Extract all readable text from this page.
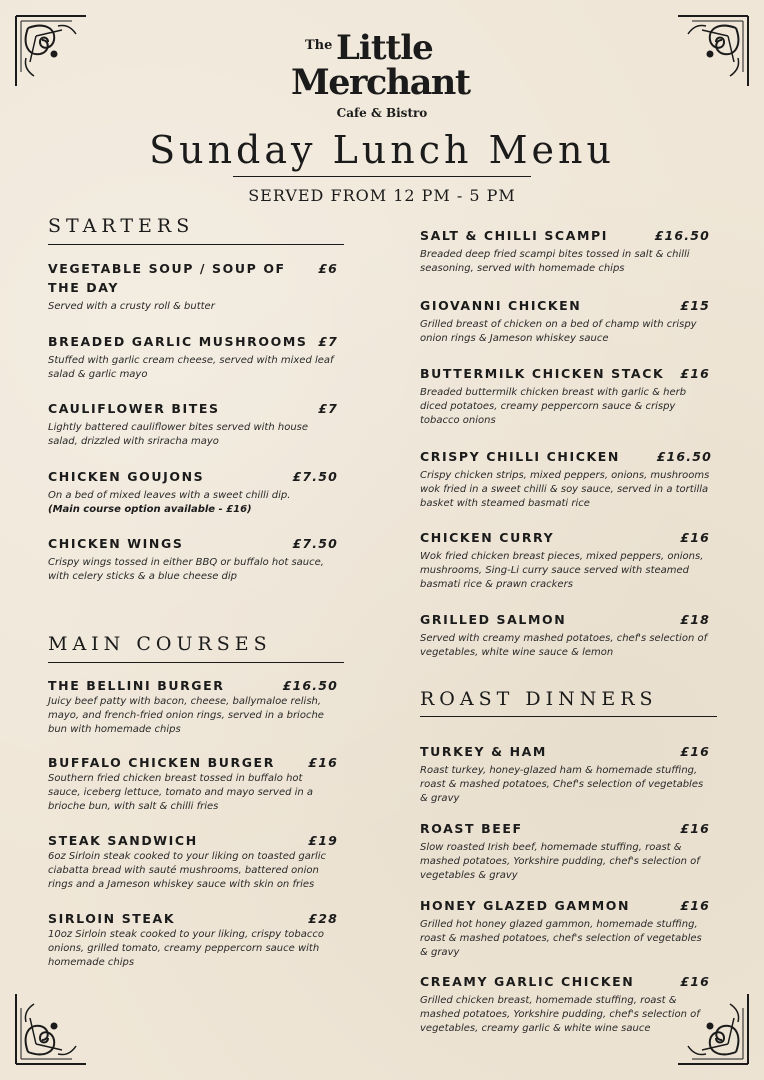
The Little
Merchant
Cafe & Bistro
Sunday Lunch Menu
SERVED FROM 12 PM - 5 PM
STARTERS
VEGETABLE SOUP / SOUP OF THE DAY
£6
Served with a crusty roll & butter
BREADED GARLIC MUSHROOMS £7
Stuffed with garlic cream cheese, served with mixed leaf salad & garlic mayo
CAULIFLOWER BITES	£7
Lightly battered cauliflower bites served with house salad, drizzled with sriracha mayo
CHICKEN GOUJONS	£7.50
On a bed of mixed leaves with a sweet chilli dip.
(Main course option available - £16)
CHICKEN WINGS	£7.50
Crispy wings tossed in either BBQ or buffalo hot sauce, with celery sticks & a blue cheese dip
MAIN COURSES
THE BELLINI BURGER	£16.50
Juicy beef patty with bacon, cheese, ballymaloe relish, mayo, and french-fried onion rings, served in a brioche bun with homemade chips
BUFFALO CHICKEN BURGER	£16
Southern fried chicken breast tossed in buffalo hot sauce, iceberg lettuce, tomato and mayo served in a brioche bun, with salt & chilli fries
STEAK SANDWICH	£19
6oz Sirloin steak cooked to your liking on toasted garlic ciabatta bread with sauté mushrooms, battered onion rings and a Jameson whiskey sauce with skin on fries
SIRLOIN STEAK	£28
10oz Sirloin steak cooked to your liking, crispy tobacco onions, grilled tomato, creamy peppercorn sauce with homemade chips
SALT & CHILLI SCAMPI	£16.50
Breaded deep fried scampi bites tossed in salt & chilli seasoning, served with homemade chips
GIOVANNI CHICKEN	£15
Grilled breast of chicken on a bed of champ with crispy onion rings & Jameson whiskey sauce
BUTTERMILK CHICKEN STACK £16
Breaded buttermilk chicken breast with garlic & herb diced potatoes, creamy peppercorn sauce & crispy tobacco onions
CRISPY CHILLI CHICKEN	£16.50
Crispy chicken strips, mixed peppers, onions, mushrooms wok fried in a sweet chilli & soy sauce, served in a tortilla basket with steamed basmati rice
CHICKEN CURRY	£16
Wok fried chicken breast pieces, mixed peppers, onions, mushrooms, Sing-Li curry sauce served with steamed basmati rice & prawn crackers
GRILLED SALMON	£18
Served with creamy mashed potatoes, chef's selection of vegetables, white wine sauce & lemon
ROAST DINNERS
TURKEY & HAM	£16
Roast turkey, honey-glazed ham & homemade stuffing, roast & mashed potatoes, Chef's selection of vegetables & gravy
ROAST BEEF	£16
Slow roasted Irish beef, homemade stuffing, roast & mashed potatoes, Yorkshire pudding, chef's selection of vegetables & gravy
HONEY GLAZED GAMMON	£16
Grilled hot honey glazed gammon, homemade stuffing, roast & mashed potatoes, chef's selection of vegetables & gravy
CREAMY GARLIC CHICKEN	£16
Grilled chicken breast, homemade stuffing, roast & mashed potatoes, Yorkshire pudding, chef's selection of vegetables, creamy garlic & white wine sauce
